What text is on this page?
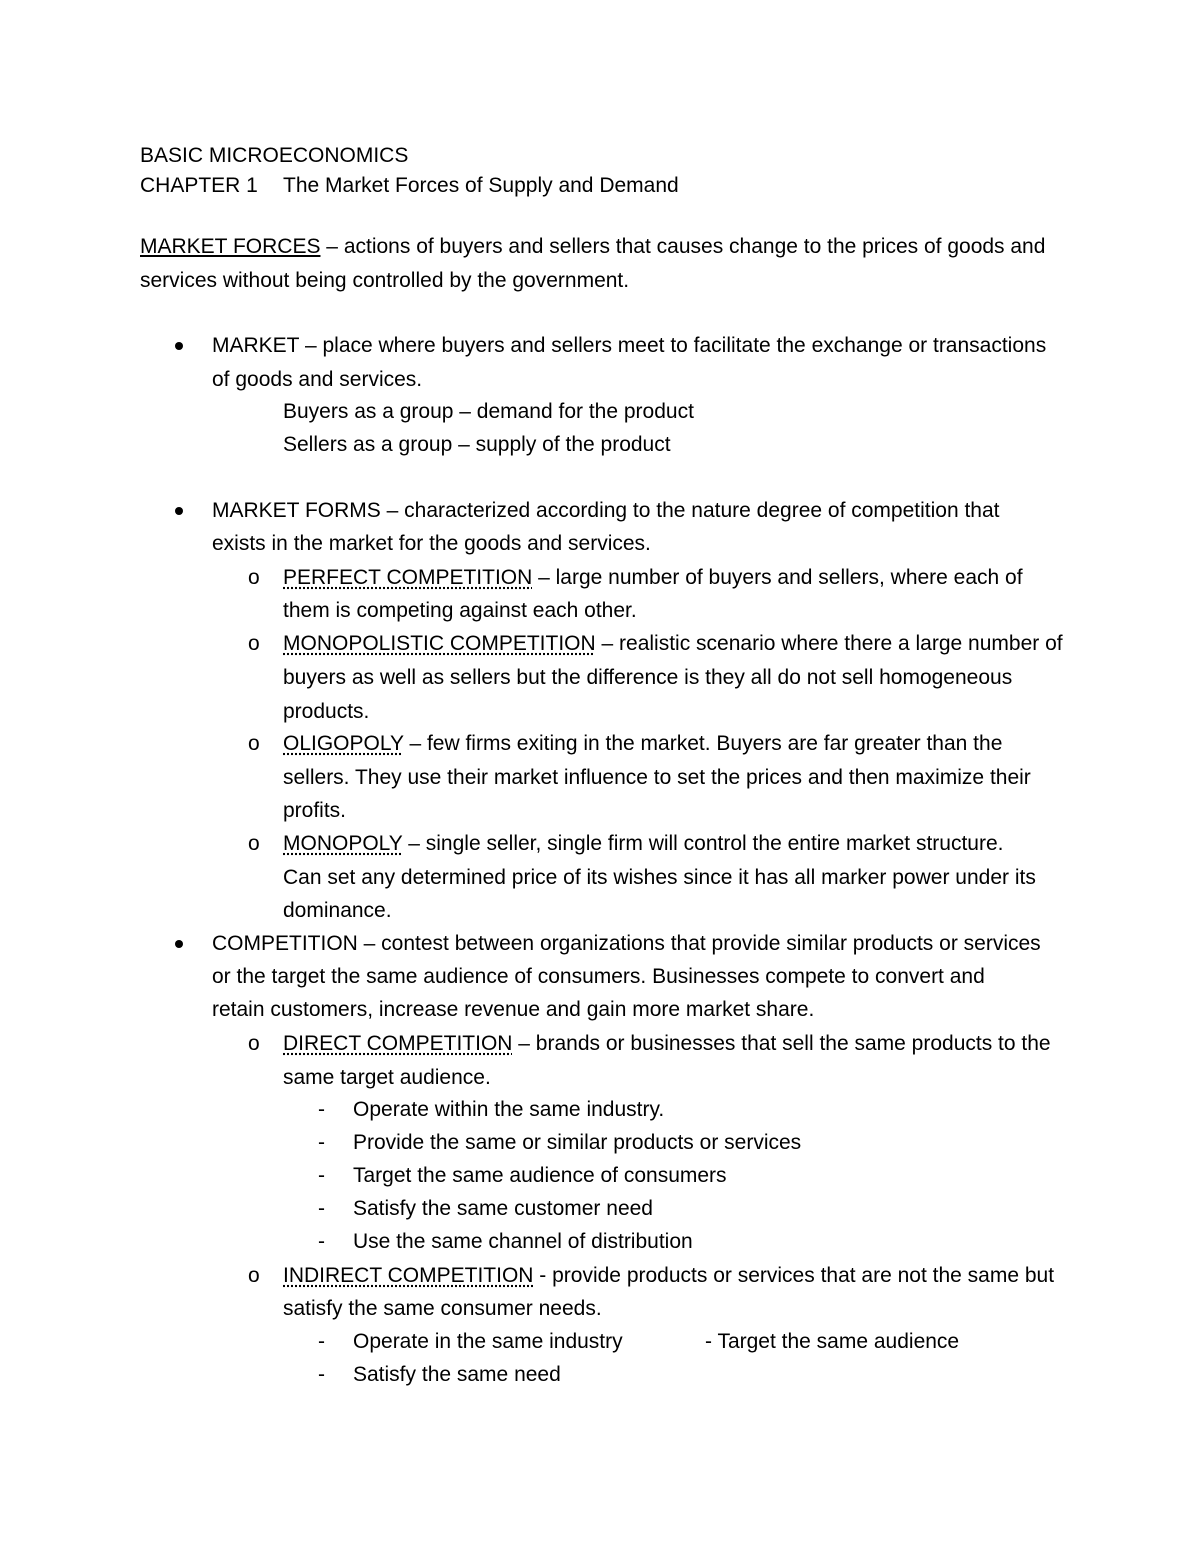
BASIC MICROECONOMICS
CHAPTER 1 The Market Forces of Supply and Demand
MARKET FORCES – actions of buyers and sellers that causes change to the prices of goods and
services without being controlled by the government.
MARKET – place where buyers and sellers meet to facilitate the exchange or transactions
of goods and services.
Buyers as a group – demand for the product
Sellers as a group – supply of the product
MARKET FORMS – characterized according to the nature degree of competition that
exists in the market for the goods and services.
o PERFECT COMPETITION – large number of buyers and sellers, where each of
them is competing against each other.
o MONOPOLISTIC COMPETITION – realistic scenario where there a large number of
buyers as well as sellers but the difference is they all do not sell homogeneous
products.
o OLIGOPOLY – few firms exiting in the market. Buyers are far greater than the
sellers. They use their market influence to set the prices and then maximize their
profits.
o MONOPOLY – single seller, single firm will control the entire market structure.
Can set any determined price of its wishes since it has all marker power under its
dominance.
COMPETITION – contest between organizations that provide similar products or services
or the target the same audience of consumers. Businesses compete to convert and
retain customers, increase revenue and gain more market share.
o DIRECT COMPETITION – brands or businesses that sell the same products to the
same target audience.
- Operate within the same industry.
- Provide the same or similar products or services
- Target the same audience of consumers
- Satisfy the same customer need
- Use the same channel of distribution
o INDIRECT COMPETITION - provide products or services that are not the same but
satisfy the same consumer needs.
- Operate in the same industry	- Target the same audience
- Satisfy the same need
